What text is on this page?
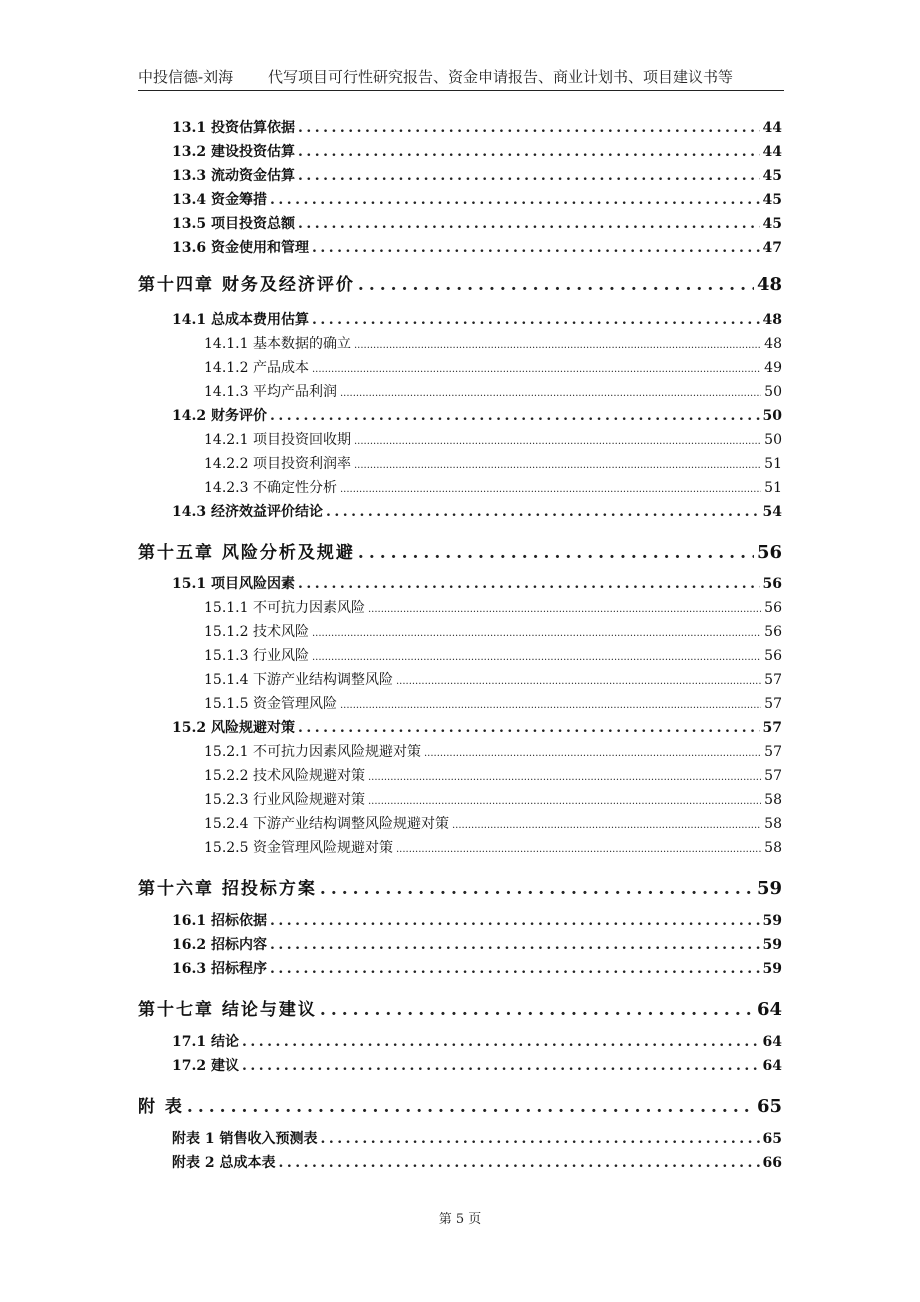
中投信德-刘海 代写项目可行性研究报告、资金申请报告、商业计划书、项目建议书等
13.1 投资估算依据 .....	44
13.2 建设投资估算 .....	44
13.3 流动资金估算 .....	45
13.4 资金筹措 .....	45
13.5 项目投资总额 .....	45
13.6 资金使用和管理 .....	47
第十四章 财务及经济评价 .....	48
14.1 总成本费用估算 .....	48
14.1.1 基本数据的确立 .....	48
14.1.2 产品成本 .....	49
14.1.3 平均产品利润 .....	50
14.2 财务评价 .....	50
14.2.1 项目投资回收期 .....	50
14.2.2 项目投资利润率 .....	51
14.2.3 不确定性分析 .....	51
14.3 经济效益评价结论 .....	54
第十五章 风险分析及规避 .....	56
15.1 项目风险因素 .....	56
15.1.1 不可抗力因素风险 .....	56
15.1.2 技术风险 .....	56
15.1.3 行业风险 .....	56
15.1.4 下游产业结构调整风险 .....	57
15.1.5 资金管理风险 .....	57
15.2 风险规避对策 .....	57
15.2.1 不可抗力因素风险规避对策 .....	57
15.2.2 技术风险规避对策 .....	57
15.2.3 行业风险规避对策 .....	58
15.2.4 下游产业结构调整风险规避对策 .....	58
15.2.5 资金管理风险规避对策 .....	58
第十六章 招投标方案 .....	59
16.1 招标依据 .....	59
16.2 招标内容 .....	59
16.3 招标程序 .....	59
第十七章 结论与建议 .....	64
17.1 结论 .....	64
17.2 建议 .....	64
附 表 .....	65
附表 1 销售收入预测表 .....	65
附表 2 总成本表 .....	66
第 5 页
